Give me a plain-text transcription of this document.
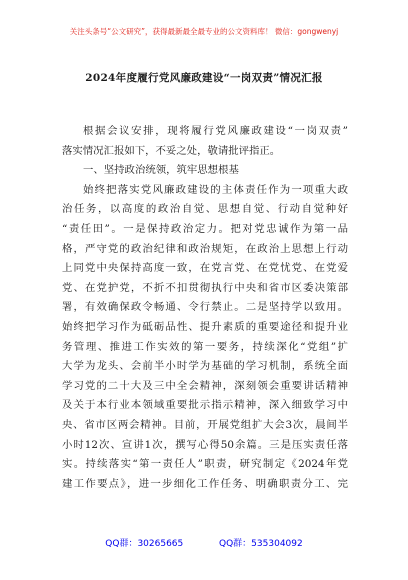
关注头条号“公文研究”，获得最新最全最专业的公文资料库！ 微信：gongwenyj
2024年度履行党风廉政建设“一岗双责”情况汇报
根据会议安排，现将履行党风廉政建设“一岗双责”
落实情况汇报如下，不妥之处，敬请批评指正。
一、坚持政治统领，筑牢思想根基
始终把落实党风廉政建设的主体责任作为一项重大政
治任务，以高度的政治自觉、思想自觉、行动自觉种好
“责任田”。一是保持政治定力。把对党忠诚作为第一品
格，严守党的政治纪律和政治规矩，在政治上思想上行动
上同党中央保持高度一致，在党言党、在党忧党、在党爱
党、在党护党，不折不扣贯彻执行中央和省市区委决策部
署，有效确保政令畅通、令行禁止。二是坚持学以致用。
始终把学习作为砥砺品性、提升素质的重要途径和提升业
务管理、推进工作实效的第一要务，持续深化“党组”扩
大学为龙头、会前半小时学为基础的学习机制，系统全面
学习党的二十大及三中全会精神，深刻领会重要讲话精神
及关于本行业本领域重要批示指示精神，深入细致学习中
央、省市区两会精神。目前，开展党组扩大会3次，晨间半
小时12次、宣讲1次，撰写心得50余篇。三是压实责任落
实。持续落实“第一责任人”职责，研究制定《2024年党
建工作要点》，进一步细化工作任务、明确职责分工、完
QQ群：30265665	QQ群：535304092
